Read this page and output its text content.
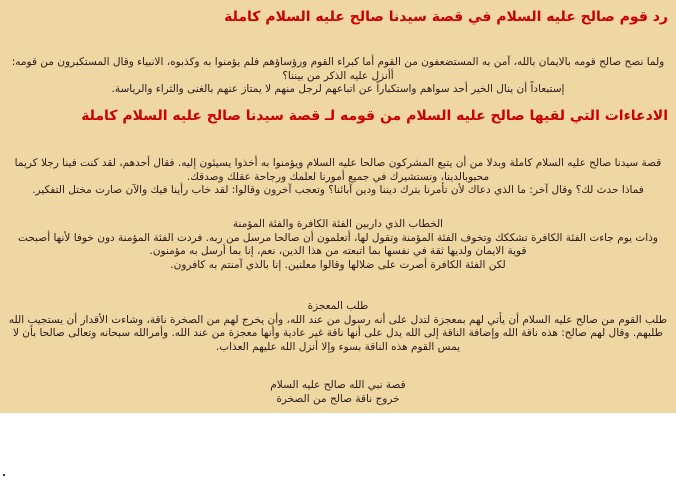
رد قوم صالح عليه السلام في قصة سيدنا صالح عليه السلام كاملة

ولما نصح صالح قومه بالايمان بالله، آمن به المستضعفون من القوم أما كبراء القوم ورؤساؤهم فلم يؤمنوا به وكذبوه، الانبياء وقال المستكبرون من قومه: أأنزل عليه الذكر من بيننا؟

إستبعاداً أن ينال الخير أحد سواهم واستكباراً عن اتباعهم لرجل منهم لا يمتاز عنهم بالغنى والثراء والرياسة.

الادعاءات التي لقيها صالح عليه السلام من قومه لـ قصة سيدنا صالح عليه السلام كاملة

قصة سيدنا صالح عليه السلام كاملة وبدلا من أن يتبع المشركون صالحا عليه السلام ويؤمنوا به أخذوا يسيئون إليه. فقال أحدهم، لقد كنت فينا رجلا كريما محبوبالدينا، ونستشيرك في جميع أمورنا لعلمك ورجاحة عقلك وصدقك.

فماذا حدث لك؟ وقال آخر: ما الذي دعاك لأن تأمرنا بترك ديننا ودين آبائنا؟ وتعجب آخرون وقالوا: لقد خاب رأينا فيك والآن صارت مختل التفكير.

الخطاب الذي داربين الفئة الكافرة والفئة المؤمنة

وذات يوم جاءت الفئة الكافرة تشككك وتخوف الفئة المؤمنة وتقول لها، أتعلمون أن صالحا مرسل من ربه. فردت الفئة المؤمنة دون خوفا لأنها أصبحت قوية الايمان ولديها ثقة في نفسها بما اتبعته من هذا الدين، نعم، إنا بما أرسل به مؤمنون.

لكن الفئة الكافرة أصرت على ضلالها وقالوا معلنين. إنا بالذي آمنتم به كافرون.

طلب المعجزة

طلب القوم من صالح عليه السلام أن يأتي لهم بمعجزة لتدل على أنه رسول من عند الله، وأن يخرج لهم من الصخرة ناقة، وشاءت الأقدار أن يستجيب الله طلبهم. وقال لهم صالح: هذه ناقة الله وإضافة الناقة إلى الله يدل على أنها ناقة غير عادية وأنها معجزة من عند الله. وأمرالله سبحانه وتعالى صالحا بأن لا يمس القوم هذه الناقة بسوء وإلا أنزل الله عليهم العذاب.

قصة نبي الله صالح عليه السلام

خروج ناقة صالح من الصخرة
